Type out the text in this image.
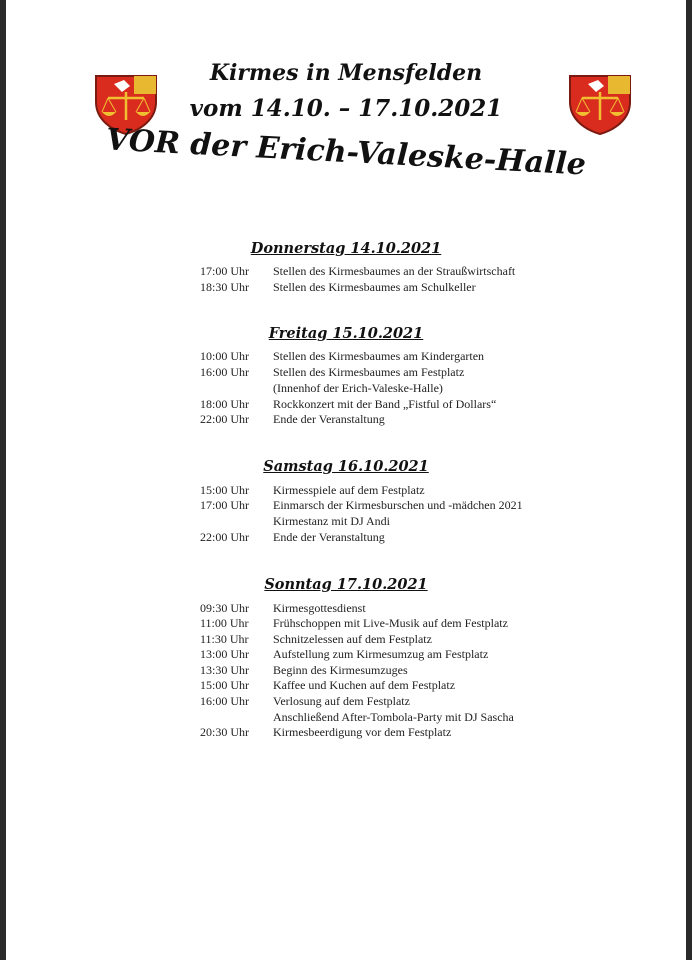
Kirmes in Mensfelden
vom 14.10. – 17.10.2021
VOR der Erich-Valeske-Halle
Donnerstag 14.10.2021
17:00 Uhr	Stellen des Kirmesbaumes an der Straußwirtschaft
18:30 Uhr	Stellen des Kirmesbaumes am Schulkeller
Freitag 15.10.2021
10:00 Uhr	Stellen des Kirmesbaumes am Kindergarten
16:00 Uhr	Stellen des Kirmesbaumes am Festplatz
(Innenhof der Erich-Valeske-Halle)
18:00 Uhr	Rockkonzert mit der Band „Fistful of Dollars“
22:00 Uhr	Ende der Veranstaltung
Samstag 16.10.2021
15:00 Uhr	Kirmesspiele auf dem Festplatz
17:00 Uhr	Einmarsch der Kirmesburschen und -mädchen 2021
Kirmestanz mit DJ Andi
22:00 Uhr	Ende der Veranstaltung
Sonntag 17.10.2021
09:30 Uhr	Kirmesgottesdienst
11:00 Uhr	Frühschoppen mit Live-Musik auf dem Festplatz
11:30 Uhr	Schnitzelessen auf dem Festplatz
13:00 Uhr	Aufstellung zum Kirmesumzug am Festplatz
13:30 Uhr	Beginn des Kirmesumzuges
15:00 Uhr	Kaffee und Kuchen auf dem Festplatz
16:00 Uhr	Verlosung auf dem Festplatz
Anschließend After-Tombola-Party mit DJ Sascha
20:30 Uhr	Kirmesbeerdigung vor dem Festplatz
